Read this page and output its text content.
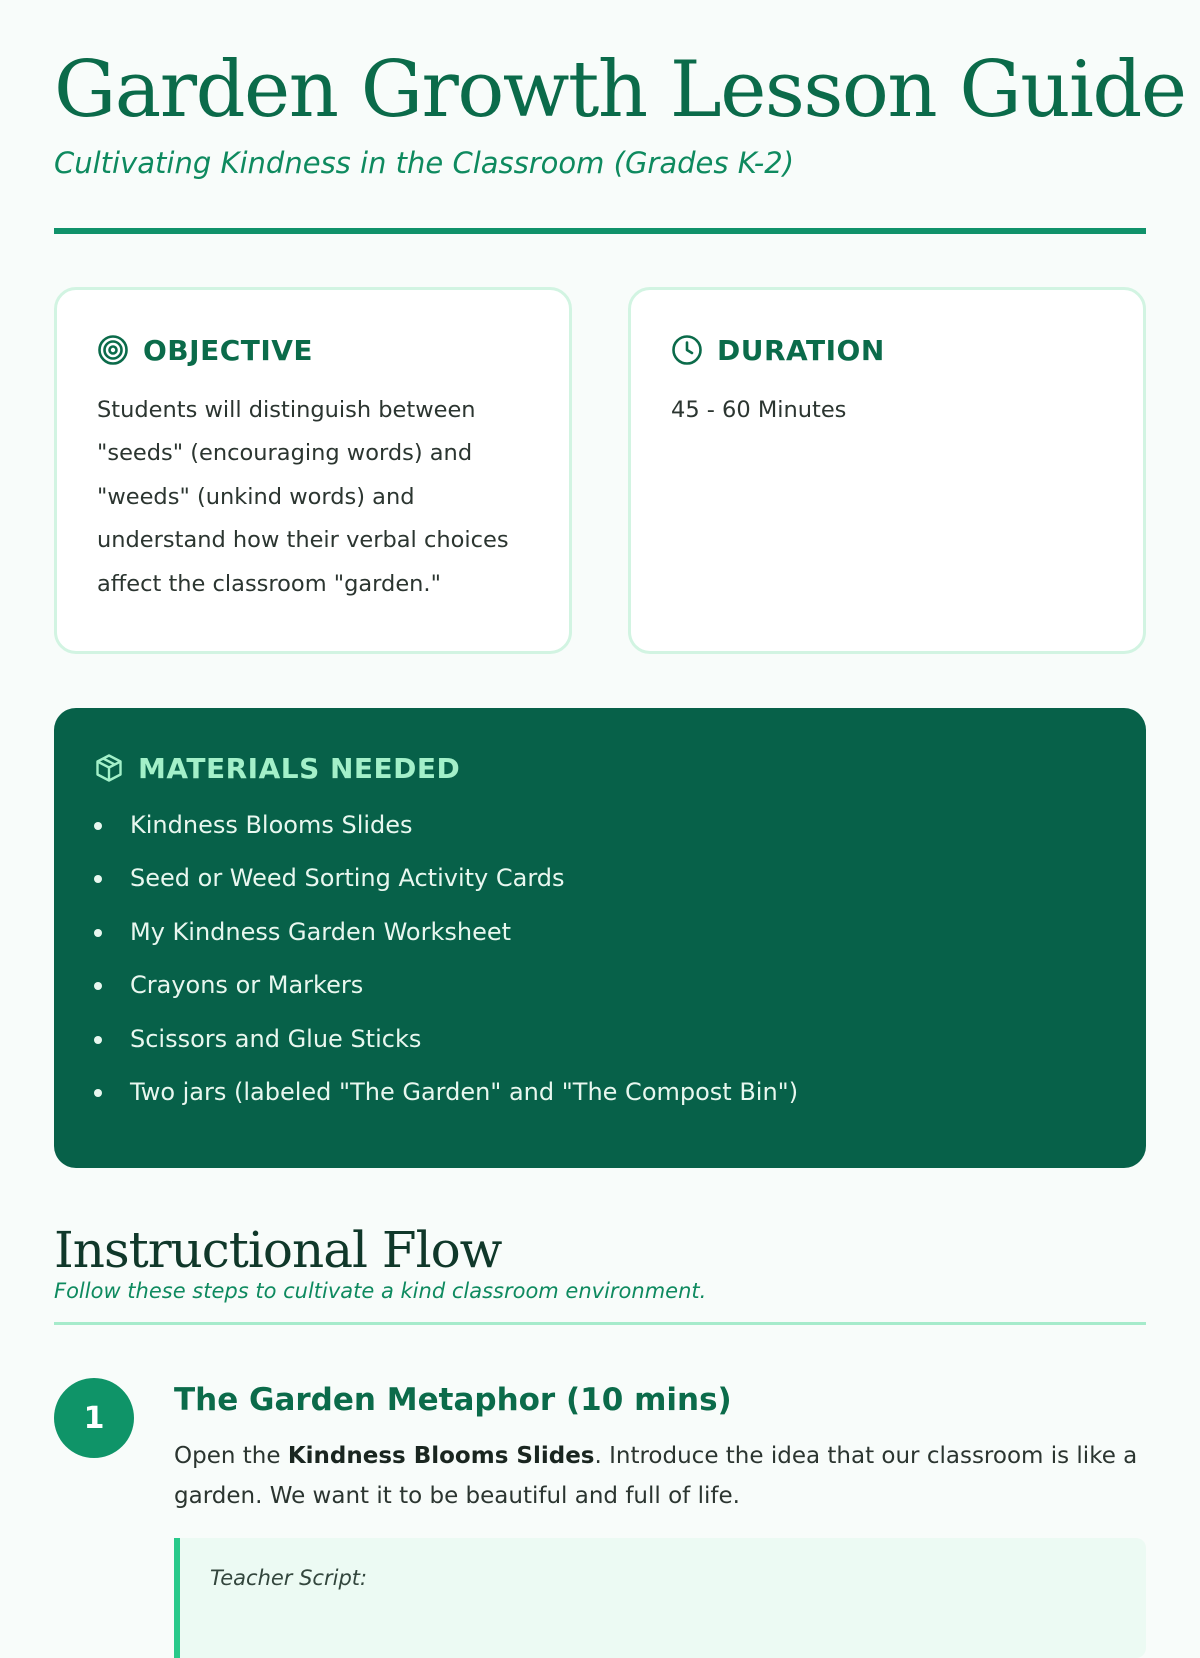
Garden Growth Lesson Guide
Cultivating Kindness in the Classroom (Grades K-2)
OBJECTIVE
Students will distinguish between "seeds" (encouraging words) and "weeds" (unkind words) and understand how their verbal choices affect the classroom "garden."
DURATION
45 - 60 Minutes
MATERIALS NEEDED
Kindness Blooms Slides
Seed or Weed Sorting Activity Cards
My Kindness Garden Worksheet
Crayons or Markers
Scissors and Glue Sticks
Two jars (labeled "The Garden" and "The Compost Bin")
Instructional Flow
Follow these steps to cultivate a kind classroom environment.
1	The Garden Metaphor (10 mins)
Open the Kindness Blooms Slides. Introduce the idea that our classroom is like a garden. We want it to be beautiful and full of life.
Teacher Script:
